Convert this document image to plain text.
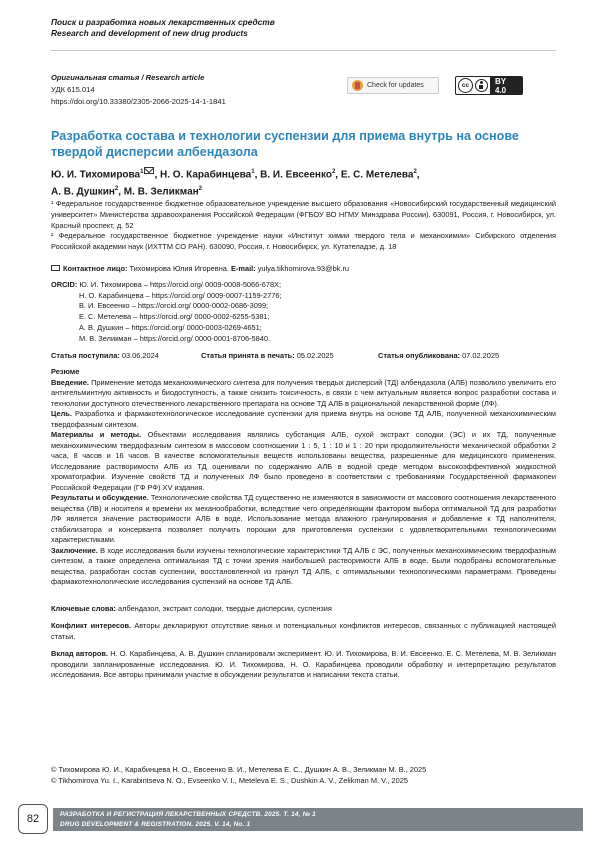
Поиск и разработка новых лекарственных средств
Research and development of new drug products
Оригинальная статья / Research article
УДК 615.014
https://doi.org/10.33380/2305-2066-2025-14-1-1841
Check for updates	cc	BY 4.0
Разработка состава и технологии суспензии для приема внутрь на основе твердой дисперсии албендазола
Ю. И. Тихомирова$^1$ , Н. О. Карабинцева$^1$, В. И. Евсеенко$^2$, Е. С. Метелева$^2$,
А. В. Душкин$^2$, М. В. Зеликман$^2$
¹ Федеральное государственное бюджетное образовательное учреждение высшего образования «Новосибирский государственный медицинский университет» Министерства здравоохранения Российской Федерации (ФГБОУ ВО НГМУ Минздрава России). 630091, Россия, г. Новосибирск, ул. Красный проспект, д. 52
² Федеральное государственное бюджетное учреждение науки «Институт химии твердого тела и механохимии» Сибирского отделения Российской академии наук (ИХТТМ СО РАН). 630090, Россия, г. Новосибирск, ул. Кутателадзе, д. 18
Контактное лицо: Тихомирова Юлия Игоревна. E-mail: yulya.tikhomirova.93@bk.ru
ORCID: Ю. И. Тихомирова – https://orcid.org/ 0009-0008-5066-678X;
Н. О. Карабинцева – https://orcid.org/ 0009-0007-1159-2776;
В. И. Евсеенко – https://orcid.org/ 0000-0002-0686-3099;
Е. С. Метелева – https://orcid.org/ 0000-0002-6255-5381;
А. В. Душкин – https://orcid.org/ 0000-0003-0269-4651;
М. В. Зеликман – https://orcid.org/ 0000-0001-8706-5840.
Статья поступила: 03.06.2024	Статья принята в печать: 05.02.2025	Статья опубликована: 07.02.2025
Резюме
Введение. Применение метода механохимического синтеза для получения твердых дисперсий (ТД) албендазола (АЛБ) позволило увеличить его антигельминтную активность и биодоступность, а также снизить токсичность, в связи с чем актуальным является вопрос разработки состава и технологии доступного отечественного лекарственного препарата на основе ТД АЛБ в рациональной лекарственной форме (ЛФ).
Цель. Разработка и фармакотехнологическое исследование суспензии для приема внутрь на основе ТД АЛБ, полученной механохимическим твердофазным синтезом.
Материалы и методы. Объектами исследования являлись субстанция АЛБ, сухой экстракт солодки (ЭС) и их ТД, полученные механохимическим твердофазным синтезом в массовом соотношении 1 : 5, 1 : 10 и 1 : 20 при продолжительности механической обработки 2 часа, 8 часов и 16 часов. В качестве вспомогательных веществ использованы вещества, разрешенные для медицинского применения. Исследование растворимости АЛБ из ТД оценивали по содержанию АЛБ в водной среде методом высокоэффективной жидкостной хроматографии. Изучение свойств ТД и полученных ЛФ было проведено в соответствии с требованиями Государственной фармакопеи Российской Федерации (ГФ РФ) XV издания.
Результаты и обсуждение. Технологические свойства ТД существенно не изменяются в зависимости от массового соотношения лекарственного вещества (ЛВ) и носителя и времени их механообработки, вследствие чего определяющим фактором выбора оптимальной ТД для разработки ЛФ является значение растворимости АЛБ в воде. Использование метода влажного гранулирования и добавление к ТД наполнителя, стабилизатора и консерванта позволяет получить порошки для приготовления суспензии с удовлетворительными технологическими характеристиками.
Заключение. В ходе исследования были изучены технологические характеристики ТД АЛБ с ЭС, полученных механохимическим твердофазным синтезом, а также определена оптимальная ТД с точки зрения наибольшей растворимости АЛБ в воде. Были подобраны вспомогательные вещества, разработан состав суспензии, восстановленной из гранул ТД АЛБ, с оптимальными технологическими параметрами. Проведены фармакотехнологические исследования суспензий на основе ТД АЛБ.
Ключевые слова: албендазол, экстракт солодки, твердые дисперсии, суспензия
Конфликт интересов. Авторы декларируют отсутствие явных и потенциальных конфликтов интересов, связанных с публикацией настоящей статьи.
Вклад авторов. Н. О. Карабинцева, А. В. Душкин спланировали эксперимент. Ю. И. Тихомирова, В. И. Евсеенко. Е. С. Метелева, М. В. Зеликман проводили запланированные исследования. Ю. И. Тихомирова, Н. О. Карабинцева проводили обработку и интерпретацию результатов исследования. Все авторы принимали участие в обсуждении результатов и написании текста статьи.
© Тихомирова Ю. И., Карабинцева Н. О., Евсеенко В. И., Метелева Е. С., Душкин А. В., Зеликман М. В., 2025
© Tikhomirova Yu. I., Karabintseva N. O., Evseenko V. I., Meteleva E. S., Dushkin A. V., Zelikman M. V., 2025
82	РАЗРАБОТКА И РЕГИСТРАЦИЯ ЛЕКАРСТВЕННЫХ СРЕДСТВ. 2025. Т. 14, № 1
DRUG DEVELOPMENT & REGISTRATION. 2025. V. 14, No. 1
